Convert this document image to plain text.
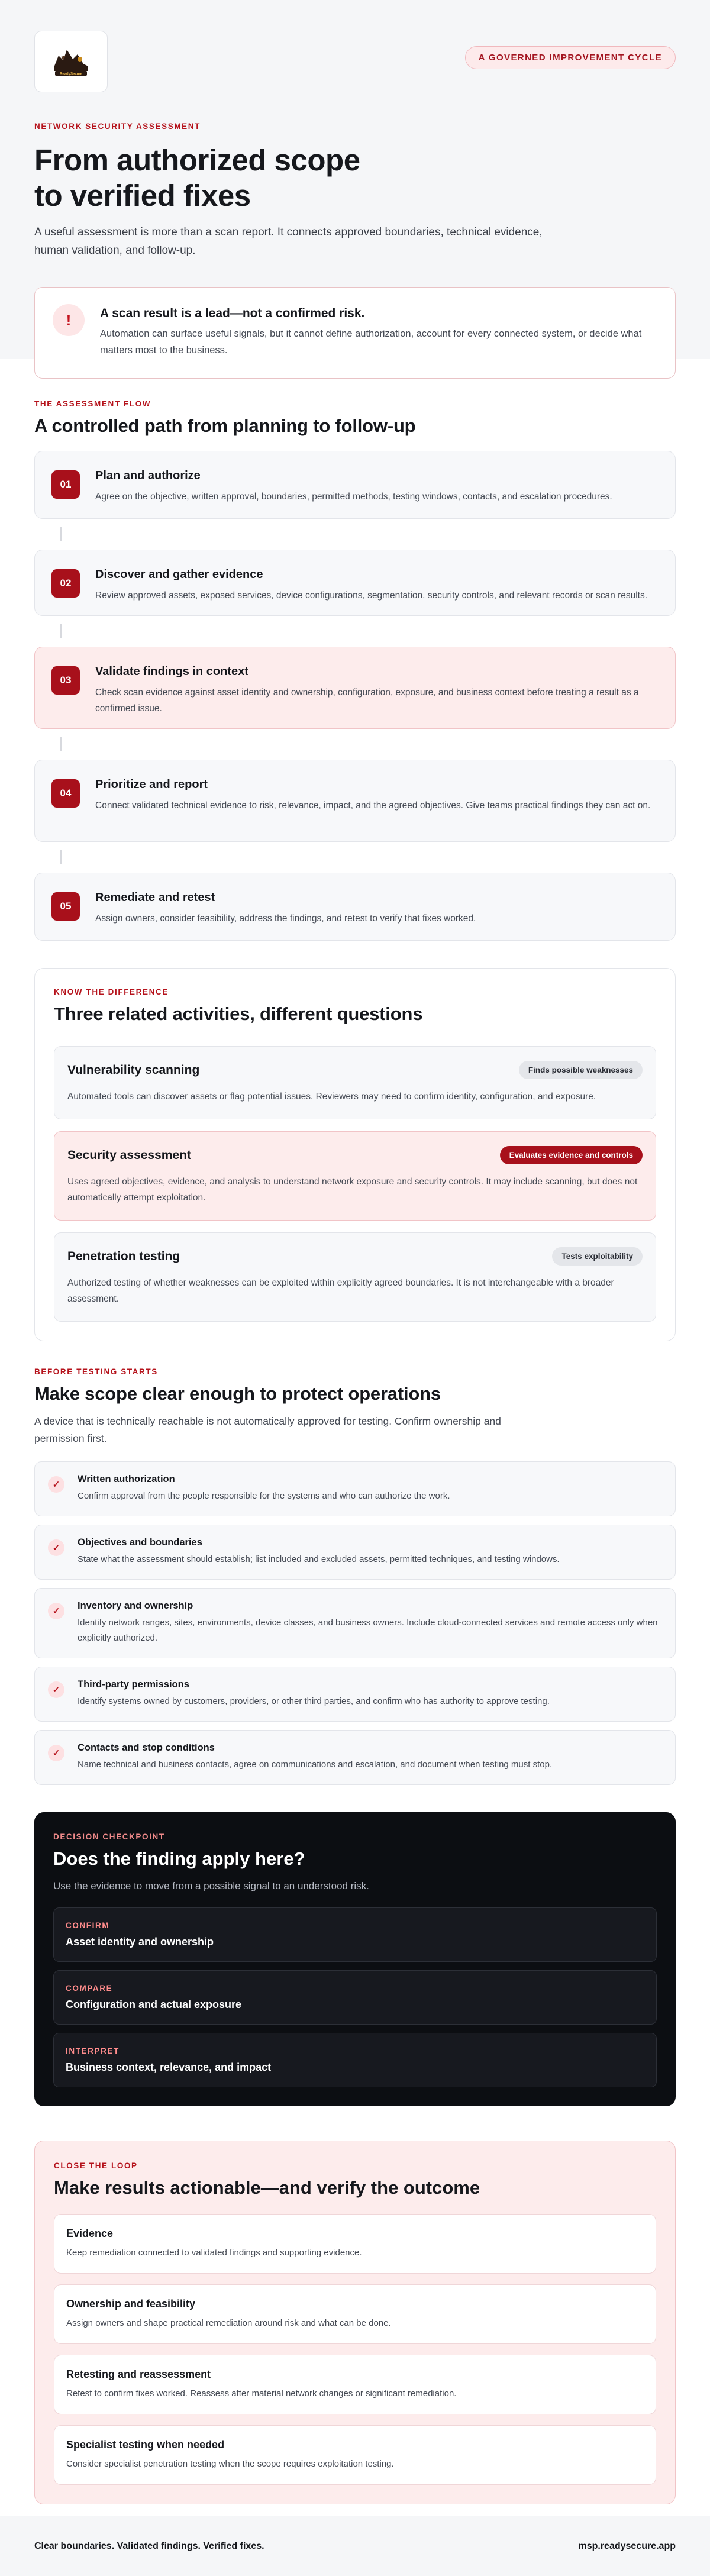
ReadySecure
A GOVERNED IMPROVEMENT CYCLE
NETWORK SECURITY ASSESSMENT
From authorized scope
to verified fixes

A useful assessment is more than a scan report. It connects approved boundaries, technical evidence, human validation, and follow-up.

!	A scan result is a lead—not a confirmed risk.
Automation can surface useful signals, but it cannot define authorization, account for every connected system, or decide what matters most to the business.
THE ASSESSMENT FLOW
A controlled path from planning to follow-up
01
Plan and authorize
Agree on the objective, written approval, boundaries, permitted methods, testing windows, contacts, and escalation procedures.
02
Discover and gather evidence
Review approved assets, exposed services, device configurations, segmentation, security controls, and relevant records or scan results.
03
Validate findings in context
Check scan evidence against asset identity and ownership, configuration, exposure, and business context before treating a result as a confirmed issue.
04
Prioritize and report
Connect validated technical evidence to risk, relevance, impact, and the agreed objectives. Give teams practical findings they can act on.
05
Remediate and retest
Assign owners, consider feasibility, address the findings, and retest to verify that fixes worked.
KNOW THE DIFFERENCE
Three related activities, different questions
Vulnerability scanning	Finds possible weaknesses
Automated tools can discover assets or flag potential issues. Reviewers may need to confirm identity, configuration, and exposure.
Security assessment	Evaluates evidence and controls
Uses agreed objectives, evidence, and analysis to understand network exposure and security controls. It may include scanning, but does not automatically attempt exploitation.
Penetration testing	Tests exploitability
Authorized testing of whether weaknesses can be exploited within explicitly agreed boundaries. It is not interchangeable with a broader assessment.
BEFORE TESTING STARTS
Make scope clear enough to protect operations

A device that is technically reachable is not automatically approved for testing. Confirm ownership and permission first.

✓
Written authorization
Confirm approval from the people responsible for the systems and who can authorize the work.
✓
Objectives and boundaries
State what the assessment should establish; list included and excluded assets, permitted techniques, and testing windows.
✓
Inventory and ownership
Identify network ranges, sites, environments, device classes, and business owners. Include cloud-connected services and remote access only when explicitly authorized.
✓
Third-party permissions
Identify systems owned by customers, providers, or other third parties, and confirm who has authority to approve testing.
✓
Contacts and stop conditions
Name technical and business contacts, agree on communications and escalation, and document when testing must stop.
DECISION CHECKPOINT
Does the finding apply here?

Use the evidence to move from a possible signal to an understood risk.

CONFIRM
Asset identity and ownership
COMPARE
Configuration and actual exposure
INTERPRET
Business context, relevance, and impact
CLOSE THE LOOP
Make results actionable—and verify the outcome
Evidence
Keep remediation connected to validated findings and supporting evidence.
Ownership and feasibility
Assign owners and shape practical remediation around risk and what can be done.
Retesting and reassessment
Retest to confirm fixes worked. Reassess after material network changes or significant remediation.
Specialist testing when needed
Consider specialist penetration testing when the scope requires exploitation testing.
Clear boundaries. Validated findings. Verified fixes.	msp.readysecure.app
